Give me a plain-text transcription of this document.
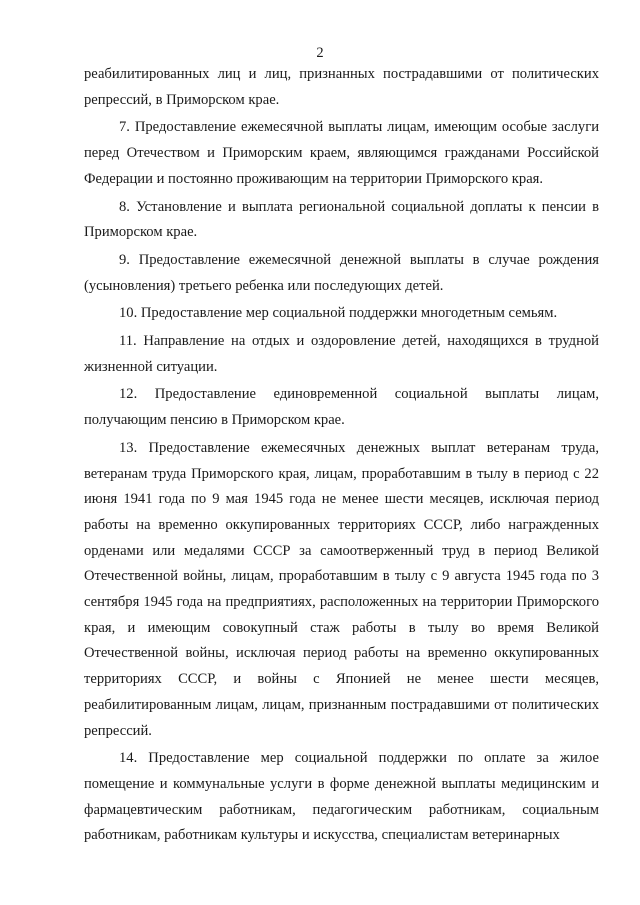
2

реабилитированных лиц и лиц, признанных пострадавшими от политических репрессий, в Приморском крае.

7. Предоставление ежемесячной выплаты лицам, имеющим особые заслуги перед Отечеством и Приморским краем, являющимся гражданами Российской Федерации и постоянно проживающим на территории Приморского края.

8. Установление и выплата региональной социальной доплаты к пенсии в Приморском крае.

9. Предоставление ежемесячной денежной выплаты в случае рождения (усыновления) третьего ребенка или последующих детей.

10. Предоставление мер социальной поддержки многодетным семьям.

11. Направление на отдых и оздоровление детей, находящихся в трудной жизненной ситуации.

12. Предоставление единовременной социальной выплаты лицам, получающим пенсию в Приморском крае.

13. Предоставление ежемесячных денежных выплат ветеранам труда, ветеранам труда Приморского края, лицам, проработавшим в тылу в период с 22 июня 1941 года по 9 мая 1945 года не менее шести месяцев, исключая период работы на временно оккупированных территориях СССР, либо награжденных орденами или медалями СССР за самоотверженный труд в период Великой Отечественной войны, лицам, проработавшим в тылу с 9 августа 1945 года по 3 сентября 1945 года на предприятиях, расположенных на территории Приморского края, и имеющим совокупный стаж работы в тылу во время Великой Отечественной войны, исключая период работы на временно оккупированных территориях СССР, и войны с Японией не менее шести месяцев, реабилитированным лицам, лицам, признанным пострадавшими от политических репрессий.

14. Предоставление мер социальной поддержки по оплате за жилое помещение и коммунальные услуги в форме денежной выплаты медицинским и фармацевтическим работникам, педагогическим работникам, социальным работникам, работникам культуры и искусства, специалистам ветеринарных
